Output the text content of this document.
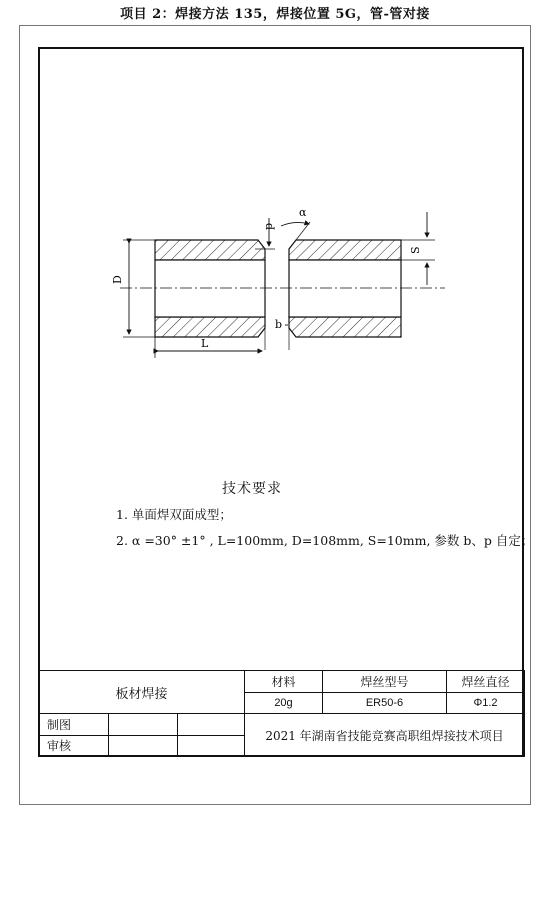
项目 2：焊接方法 135，焊接位置 5G，管-管对接
D
S
p
α
b
L
技术要求
1. 单面焊双面成型；
2. α =30° ±1° , L=100mm, D=108mm, S=10mm, 参数 b、p 自定；
板材焊接			材料	焊丝型号	焊丝直径
			20g	ER50-6	Φ1.2
制图			2021 年湖南省技能竞赛高职组焊接技术项目		
审核					
